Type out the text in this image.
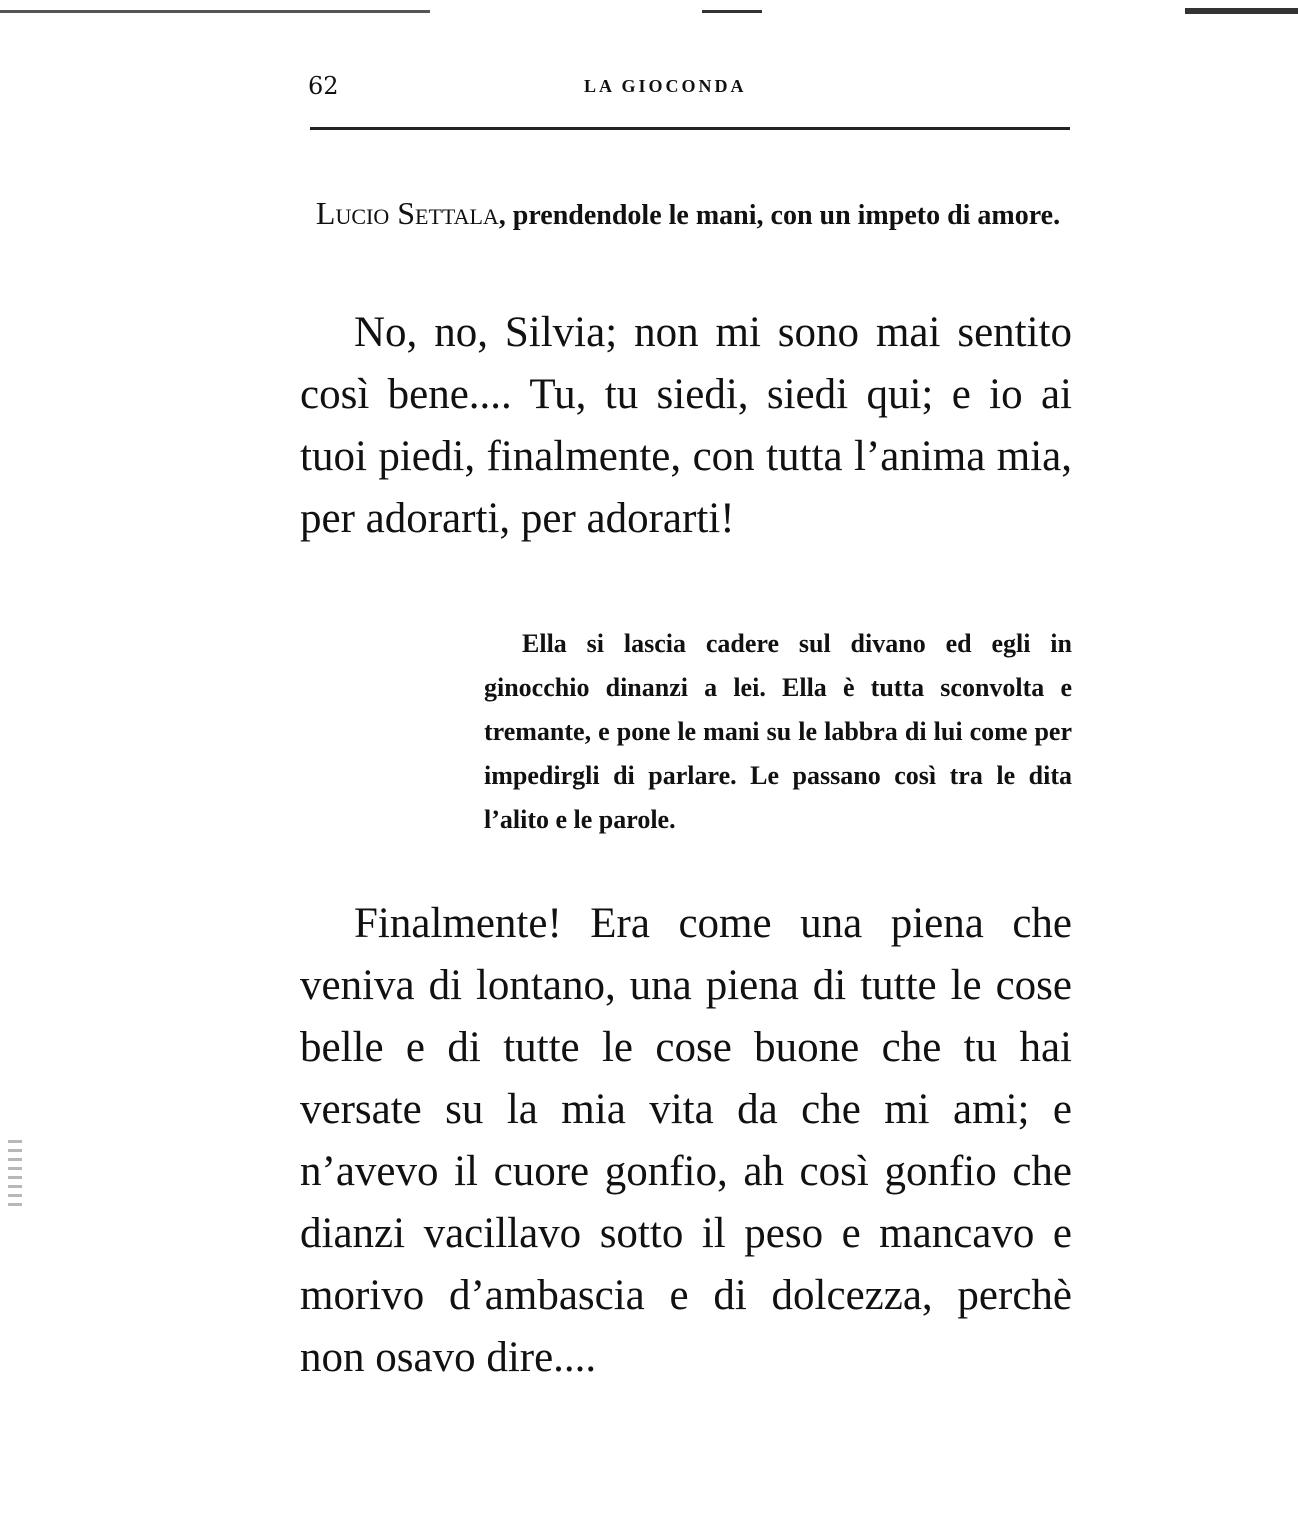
62	LA GIOCONDA
Lucio Settala, prendendole le mani, con un impeto di amore.
No, no, Silvia; non mi sono mai sentito così bene.... Tu, tu siedi, siedi qui; e io ai tuoi piedi, finalmente, con tutta l’anima mia, per adorarti, per adorarti!
Ella si lascia cadere sul divano ed egli in ginocchio dinanzi a lei. Ella è tutta sconvolta e tremante, e pone le mani su le labbra di lui come per impedirgli di parlare. Le passano così tra le dita l’alito e le parole.
Finalmente! Era come una piena che veniva di lontano, una piena di tutte le cose belle e di tutte le cose buone che tu hai versate su la mia vita da che mi ami; e n’avevo il cuore gonfio, ah così gonfio che dianzi vacillavo sotto il peso e mancavo e morivo d’ambascia e di dolcezza, perchè non osavo dire....
